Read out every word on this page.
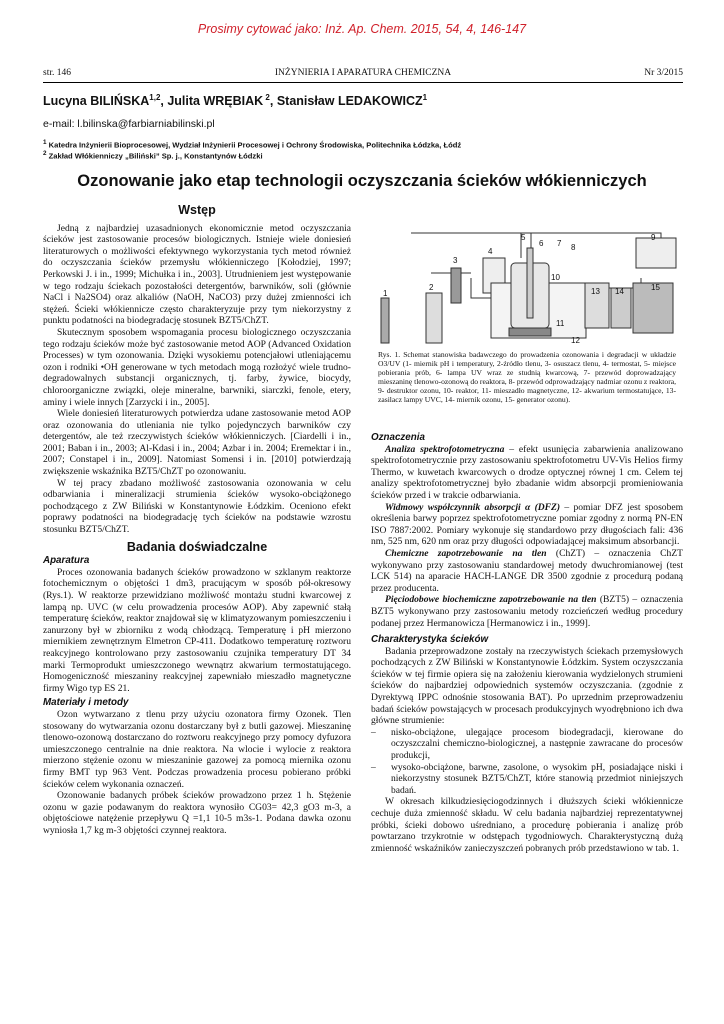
Prosimy cytować jako: Inż. Ap. Chem. 2015, 54, 4, 146-147
str. 146	INŻYNIERIA I APARATURA CHEMICZNA	Nr 3/2015
Lucyna BILIŃSKA$^{1,2}$, Julita WRĘBIAK $^2$, Stanisław LEDAKOWICZ$^1$
e-mail: l.bilinska@farbiarniabilinski.pl
$^1$ Katedra Inżynierii Bioprocesowej, Wydział Inżynierii Procesowej i Ochrony Środowiska, Politechnika Łódzka, Łódź
$^2$ Zakład Włókienniczy „Biliński” Sp. j., Konstantynów Łódzki
Ozonowanie jako etap technologii oczyszczania ścieków włókienniczych
Wstęp

Jedną z najbardziej uzasadnionych ekonomicznie metod oczyszczania ścieków jest zastosowanie procesów biologicznych. Istnieje wiele doniesień literaturowych o możliwości efektywnego wykorzystania tych metod również do oczyszczania ścieków przemysłu włókienniczego [Kołodziej, 1997; Perkowski J. i in., 1999; Michułka i in., 2003]. Utrudnieniem jest występowanie w tego rodzaju ściekach pozostałości detergentów, barwników, soli (głównie NaCl i Na2SO4) oraz alkaliów (NaOH, NaCO3) przy dużej zmienności ich stężeń. Ścieki włókiennicze często charakteryzuje przy tym niekorzystny z punktu podatności na biodegradację stosunek BZT5/ChZT.

Skutecznym sposobem wspomagania procesu biologicznego oczyszczania tego rodzaju ścieków może być zastosowanie metod AOP (Advanced Oxidation Processes) w tym ozonowania. Dzięki wysokiemu potencjałowi utleniającemu ozon i rodniki •OH generowane w tych metodach mogą rozłożyć wiele trudno-degradowalnych substancji organicznych, tj. farby, żywice, biocydy, chloroorganiczne związki, oleje mineralne, barwniki, siarczki, fenole, etery, aminy i wiele innych [Zarzycki i in., 2005].

Wiele doniesień literaturowych potwierdza udane zastosowanie metod AOP oraz ozonowania do utleniania nie tylko pojedynczych barwników czy detergentów, ale też rzeczywistych ścieków włókienniczych. [Ciardelli i in., 2001; Baban i in., 2003; Al-Kdasi i in., 2004; Azbar i in. 2004; Eremektar i in., 2007; Constapel i in., 2009]. Natomiast Somensi i in. [2010] potwierdzają zwiększenie wskaźnika BZT5/ChZT po ozonowaniu.

W tej pracy zbadano możliwość zastosowania ozonowania w celu odbarwiania i mineralizacji strumienia ścieków wysoko-obciążonego pochodzącego z ZW Biliński w Konstantynowie Łódzkim. Oceniono efekt poprawy podatności na biodegradację tych ścieków na podstawie wzrostu stosunku BZT5/ChZT.

Badania doświadczalne
Aparatura

Proces ozonowania badanych ścieków prowadzono w szklanym reaktorze fotochemicznym o objętości 1 dm3, pracującym w sposób pół-okresowy (Rys.1). W reaktorze przewidziano możliwość montażu studni kwarcowej z lampą np. UVC (w celu prowadzenia procesów AOP). Aby zapewnić stałą temperaturę ścieków, reaktor znajdował się w klimatyzowanym pomieszczeniu i zanurzony był w zbiorniku z wodą chłodzącą. Temperaturę i pH mierzono miernikiem zewnętrznym Elmetron CP-411. Dodatkowo temperaturę roztworu reakcyjnego kontrolowano przy zastosowaniu czujnika temperatury DT 34 marki Termoprodukt umieszczonego wewnątrz akwarium termostatującego. Homogeniczność mieszaniny reakcyjnej zapewniało mieszadło magnetyczne firmy Wigo typ ES 21.

Materiały i metody

Ozon wytwarzano z tlenu przy użyciu ozonatora firmy Ozonek. Tlen stosowany do wytwarzania ozonu dostarczany był z butli gazowej. Mieszaninę tlenowo-ozonową dostarczano do roztworu reakcyjnego przy pomocy dyfuzora umieszczonego centralnie na dnie reaktora. Na wlocie i wylocie z reaktora mierzono stężenie ozonu w mieszaninie gazowej za pomocą miernika ozonu firmy BMT typ 963 Vent. Podczas prowadzenia procesu pobierano próbki ścieków celem wykonania oznaczeń.

Ozonowanie badanych próbek ścieków prowadzono przez 1 h. Stężenie ozonu w gazie podawanym do reaktora wynosiło CG03= 42,3 gO3 m-3, a objętościowe natężenie przepływu Q =1,1 10-5 m3s-1. Podana dawka ozonu wyniosła 1,7 kg m-3 objętości czynnej reaktora.

1
2
3
4
5
6 7 8
9
10
11
12
13 14	15
Rys. 1. Schemat stanowiska badawczego do prowadzenia ozonowania i degradacji w układzie O3/UV (1- miernik pH i temperatury, 2-źródło tlenu, 3- osuszacz tlenu, 4- termostat, 5- miejsce pobierania prób, 6- lampa UV wraz ze studnią kwarcową, 7- przewód doprowadzający mieszaninę tlenowo-ozonową do reaktora, 8- przewód odprowadzający nadmiar ozonu z reaktora, 9- destruktor ozonu, 10- reaktor, 11- mieszadło magnetyczne, 12- akwarium termostatujące, 13- zasilacz lampy UVC, 14- miernik ozonu, 15- generator ozonu).
Oznaczenia

Analiza spektrofotometryczna – efekt usunięcia zabarwienia analizowano spektrofotometrycznie przy zastosowaniu spektrofotometru UV-Vis Helios firmy Thermo, w kuwetach kwarcowych o drodze optycznej równej 1 cm. Celem tej analizy spektrofotometrycznej było zbadanie widm absorpcji promieniowania ścieków przed i w trakcie odbarwiania.

Widmowy współczynnik absorpcji α (DFZ) – pomiar DFZ jest sposobem określenia barwy poprzez spektrofotometryczne pomiar zgodny z normą PN-EN ISO 7887:2002. Pomiary wykonuje się standardowo przy długościach fali: 436 nm, 525 nm, 620 nm oraz przy długości odpowiadającej maksimum absorbancji.

Chemiczne zapotrzebowanie na tlen (ChZT) – oznaczenia ChZT wykonywano przy zastosowaniu standardowej metody dwuchromianowej (test LCK 514) na aparacie HACH-LANGE DR 3500 zgodnie z procedurą podaną przez producenta.

Pięciodobowe biochemiczne zapotrzebowanie na tlen (BZT5) – oznaczenia BZT5 wykonywano przy zastosowaniu metody rozcieńczeń według procedury podanej przez Hermanowicza [Hermanowicz i in., 1999].

Charakterystyka ścieków

Badania przeprowadzone zostały na rzeczywistych ściekach przemysłowych pochodzących z ZW Biliński w Konstantynowie Łódzkim. System oczyszczania ścieków w tej firmie opiera się na założeniu kierowania wydzielonych strumieni ścieków do najbardziej odpowiednich systemów oczyszczania. (zgodnie z Dyrektywą IPPC odnośnie stosowania BAT). Po uprzednim przeprowadzeniu badań ścieków powstających w procesach produkcyjnych wyodrębniono ich dwa główne strumienie:

–	nisko-obciążone, ulegające procesom biodegradacji, kierowane do oczyszczalni chemiczno-biologicznej, a następnie zawracane do procesów produkcji,
–	wysoko-obciążone, barwne, zasolone, o wysokim pH, posiadające niski i niekorzystny stosunek BZT5/ChZT, które stanowią przedmiot niniejszych badań.

W okresach kilkudziesięciogodzinnych i dłuższych ścieki włókiennicze cechuje duża zmienność składu. W celu badania najbardziej reprezentatywnej próbki, ścieki dobowo uśredniano, a procedurę pobierania i analizę prób powtarzano trzykrotnie w odstępach tygodniowych. Charakterystyczną dużą zmienność wskaźników zanieczyszczeń pobranych prób przedstawiono w tab. 1.
